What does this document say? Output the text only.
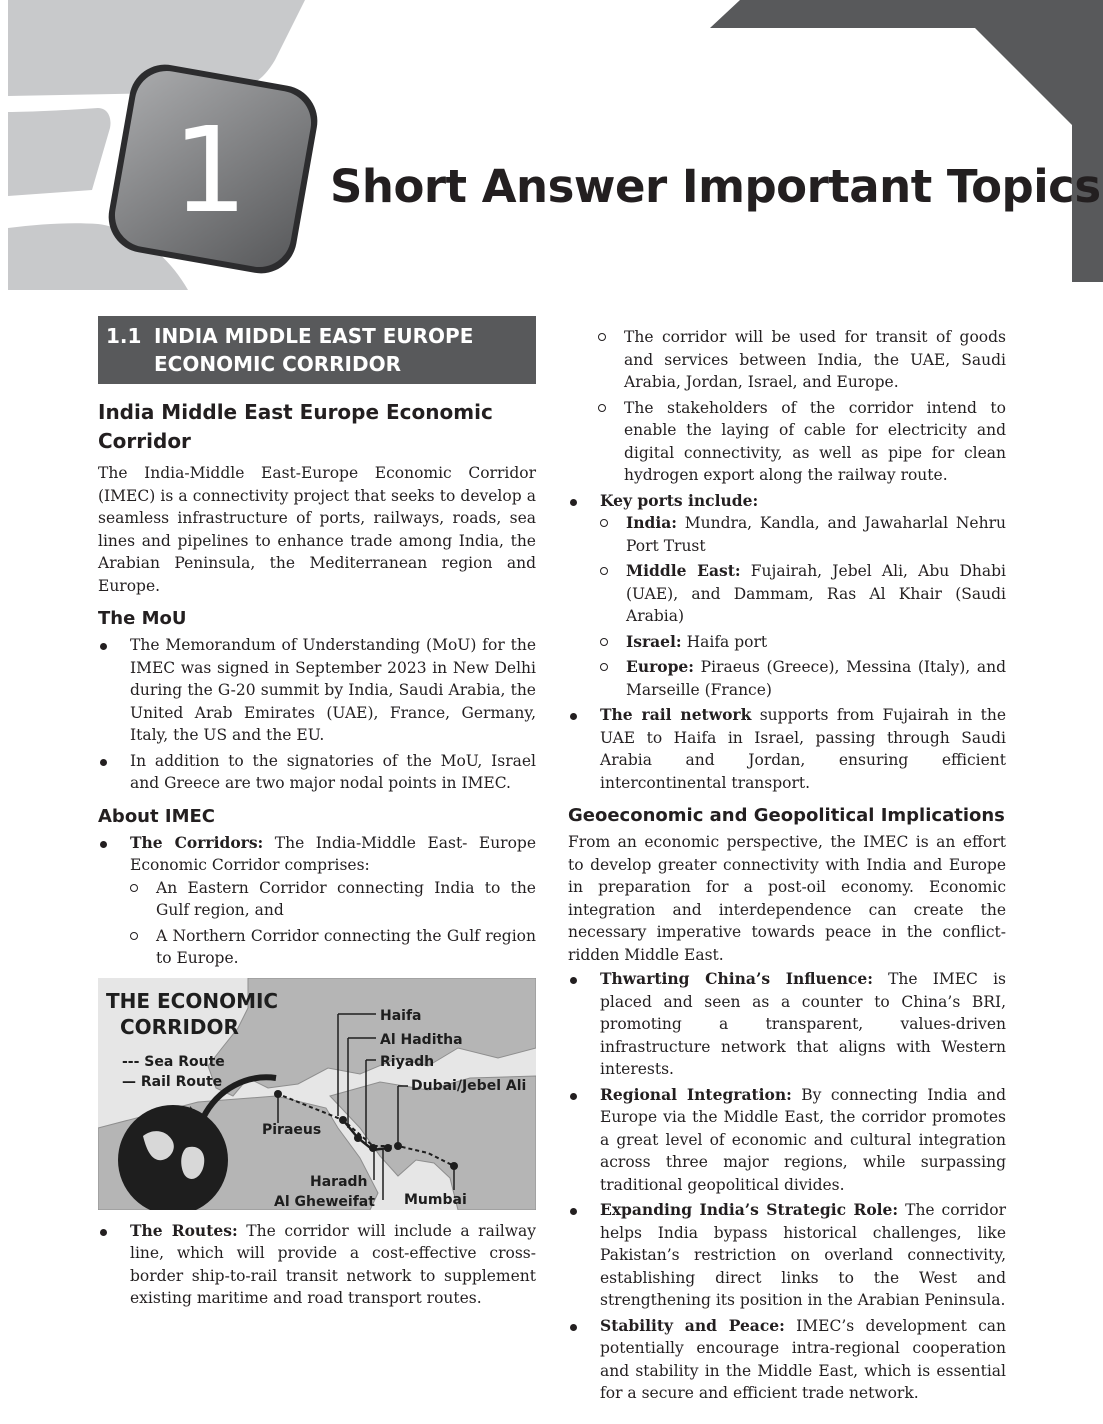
1	Short Answer Important Topics
1.1 INDIA MIDDLE EAST EUROPE
ECONOMIC CORRIDOR
India Middle East Europe Economic Corridor

The India-Middle East-Europe Economic Corridor (IMEC) is a connectivity project that seeks to develop a seamless infrastructure of ports, railways, roads, sea lines and pipelines to enhance trade among India, the Arabian Peninsula, the Mediterranean region and Europe.

The MoU
The Memorandum of Understanding (MoU) for the IMEC was signed in September 2023 in New Delhi during the G-20 summit by India, Saudi Arabia, the United Arab Emirates (UAE), France, Germany, Italy, the US and the EU.
In addition to the signatories of the MoU, Israel and Greece are two major nodal points in IMEC.
About IMEC
The Corridors: The India-Middle East- Europe Economic Corridor comprises:
An Eastern Corridor connecting India to the Gulf region, and
A Northern Corridor connecting the Gulf region to Europe.
THE ECONOMIC
CORRIDOR
--- Sea Route
— Rail Route
Haifa
Al Haditha
Riyadh
Dubai/Jebel Ali
Piraeus
Haradh
Al Gheweifat Mumbai
The Routes: The corridor will include a railway line, which will provide a cost-effective cross-border ship-to-rail transit network to supplement existing maritime and road transport routes.
The corridor will be used for transit of goods and services between India, the UAE, Saudi Arabia, Jordan, Israel, and Europe.
The stakeholders of the corridor intend to enable the laying of cable for electricity and digital connectivity, as well as pipe for clean hydrogen export along the railway route.
Key ports include:
India: Mundra, Kandla, and Jawaharlal Nehru Port Trust
Middle East: Fujairah, Jebel Ali, Abu Dhabi (UAE), and Dammam, Ras Al Khair (Saudi Arabia)
Israel: Haifa port
Europe: Piraeus (Greece), Messina (Italy), and Marseille (France)
The rail network supports from Fujairah in the UAE to Haifa in Israel, passing through Saudi Arabia and Jordan, ensuring efficient intercontinental transport.
Geoeconomic and Geopolitical Implications

From an economic perspective, the IMEC is an effort to develop greater connectivity with India and Europe in preparation for a post-oil economy. Economic integration and interdependence can create the necessary imperative towards peace in the conflict-ridden Middle East.

Thwarting China’s Influence: The IMEC is placed and seen as a counter to China’s BRI, promoting a transparent, values-driven infrastructure network that aligns with Western interests.
Regional Integration: By connecting India and Europe via the Middle East, the corridor promotes a great level of economic and cultural integration across three major regions, while surpassing traditional geopolitical divides.
Expanding India’s Strategic Role: The corridor helps India bypass historical challenges, like Pakistan’s restriction on overland connectivity, establishing direct links to the West and strengthening its position in the Arabian Peninsula.
Stability and Peace: IMEC’s development can potentially encourage intra-regional cooperation and stability in the Middle East, which is essential for a secure and efficient trade network.
